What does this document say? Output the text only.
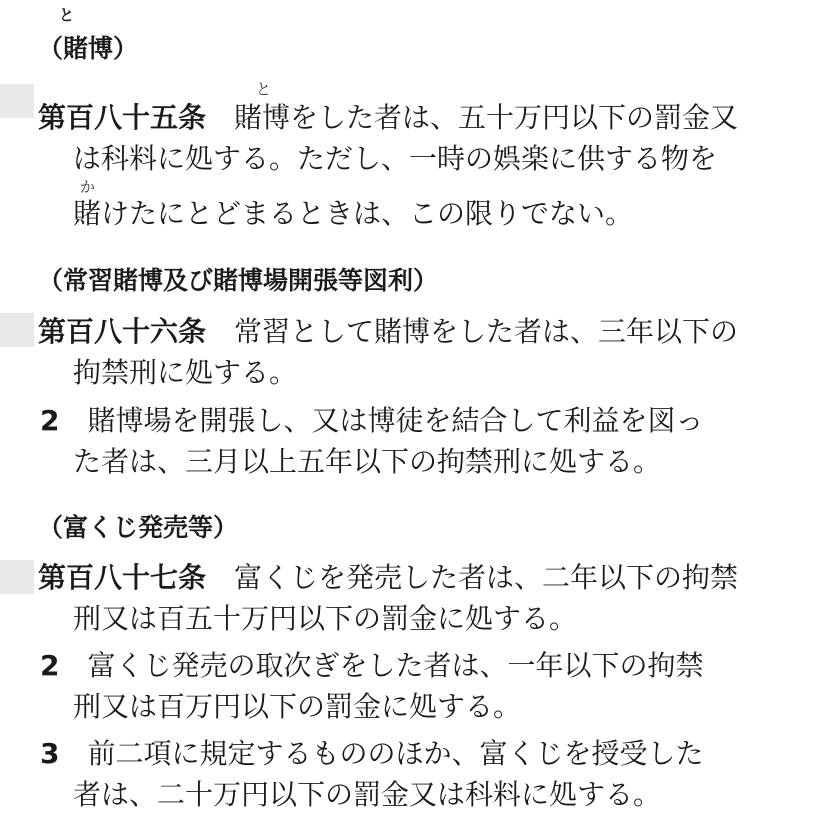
と
（賭博）
と
第百八十五条　 賭博をした者は、五十万円以下の罰金又
は科料に処する。ただし、一時の娯楽に供する物を
か
賭けたにとどまるときは、この限りでない。
（常習賭博及び賭博場開張等図利）
第百八十六条　 常習として賭博をした者は、三年以下の
拘禁刑に処する。
2　 賭博場を開張し、又は博徒を結合して利益を図っ
た者は、三月以上五年以下の拘禁刑に処する。
（富くじ発売等）
第百八十七条　 富くじを発売した者は、二年以下の拘禁
刑又は百五十万円以下の罰金に処する。
2　 富くじ発売の取次ぎをした者は、一年以下の拘禁
刑又は百万円以下の罰金に処する。
3　 前二項に規定するもののほか、富くじを授受した
者は、二十万円以下の罰金又は科料に処する。
